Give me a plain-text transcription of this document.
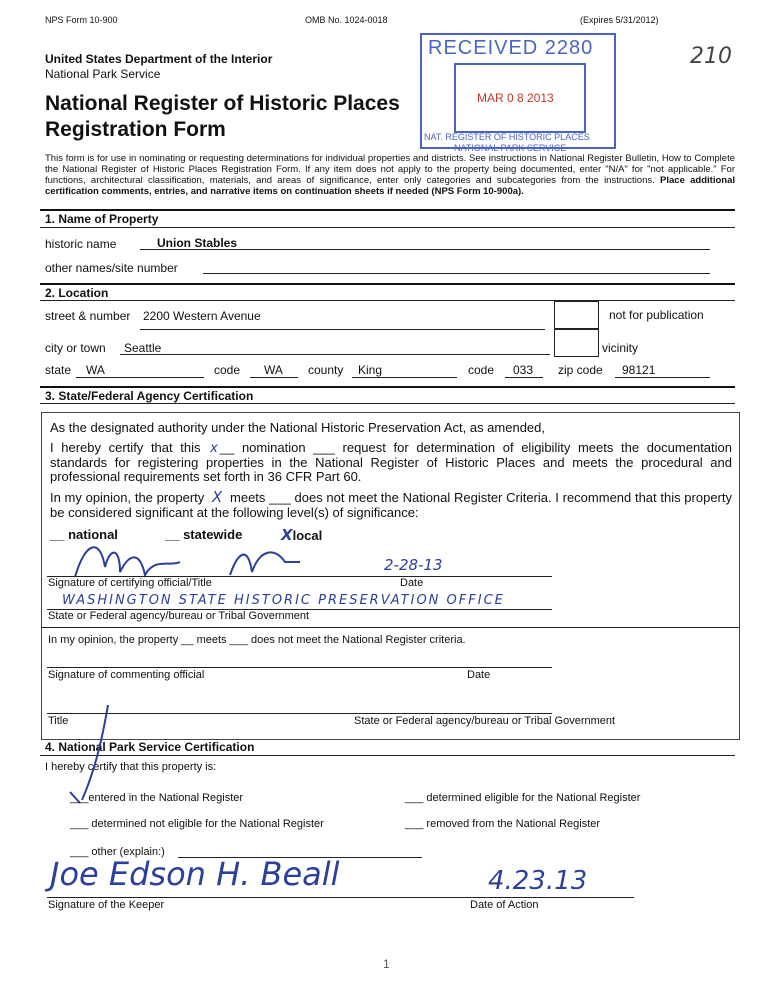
NPS Form 10-900	OMB No. 1024-0018	(Expires 5/31/2012)
United States Department of the Interior
National Park Service
National Register of Historic Places
Registration Form
210
RECEIVED 2280
MAR 0 8 2013
NAT. REGISTER OF HISTORIC PLACES
NATIONAL PARK SERVICE
This form is for use in nominating or requesting determinations for individual properties and districts. See instructions in National Register Bulletin, How to Complete the National Register of Historic Places Registration Form. If any item does not apply to the property being documented, enter "N/A" for "not applicable." For functions, architectural classification, materials, and areas of significance, enter only categories and subcategories from the instructions. Place additional certification comments, entries, and narrative items on continuation sheets if needed (NPS Form 10-900a).
1. Name of Property
historic name	Union Stables
other names/site number
2. Location
street & number 2200 Western Avenue	not for publication
city or town Seattle	vicinity
state WA	code WA county King	code 033 zip code 98121
3. State/Federal Agency Certification
As the designated authority under the National Historic Preservation Act, as amended,
I hereby certify that this x __ nomination ___ request for determination of eligibility meets the documentation standards for registering properties in the National Register of Historic Places and meets the procedural and professional requirements set forth in 36 CFR Part 60.
In my opinion, the property X meets ___ does not meet the National Register Criteria. I recommend that this property be considered significant at the following level(s) of significance:
__ national	__ statewide	Xlocal
2-28-13
Signature of certifying official/Title	Date
WASHINGTON STATE HISTORIC PRESERVATION OFFICE
State or Federal agency/bureau or Tribal Government
In my opinion, the property __ meets ___ does not meet the National Register criteria.
Signature of commenting official	Date
Title	State or Federal agency/bureau or Tribal Government
4. National Park Service Certification
I hereby certify that this property is:
___entered in the National Register	___ determined eligible for the National Register
___ determined not eligible for the National Register	___ removed from the National Register
___ other (explain:)
Joe Edson H. Beall	4.23.13
Signature of the Keeper	Date of Action
1
